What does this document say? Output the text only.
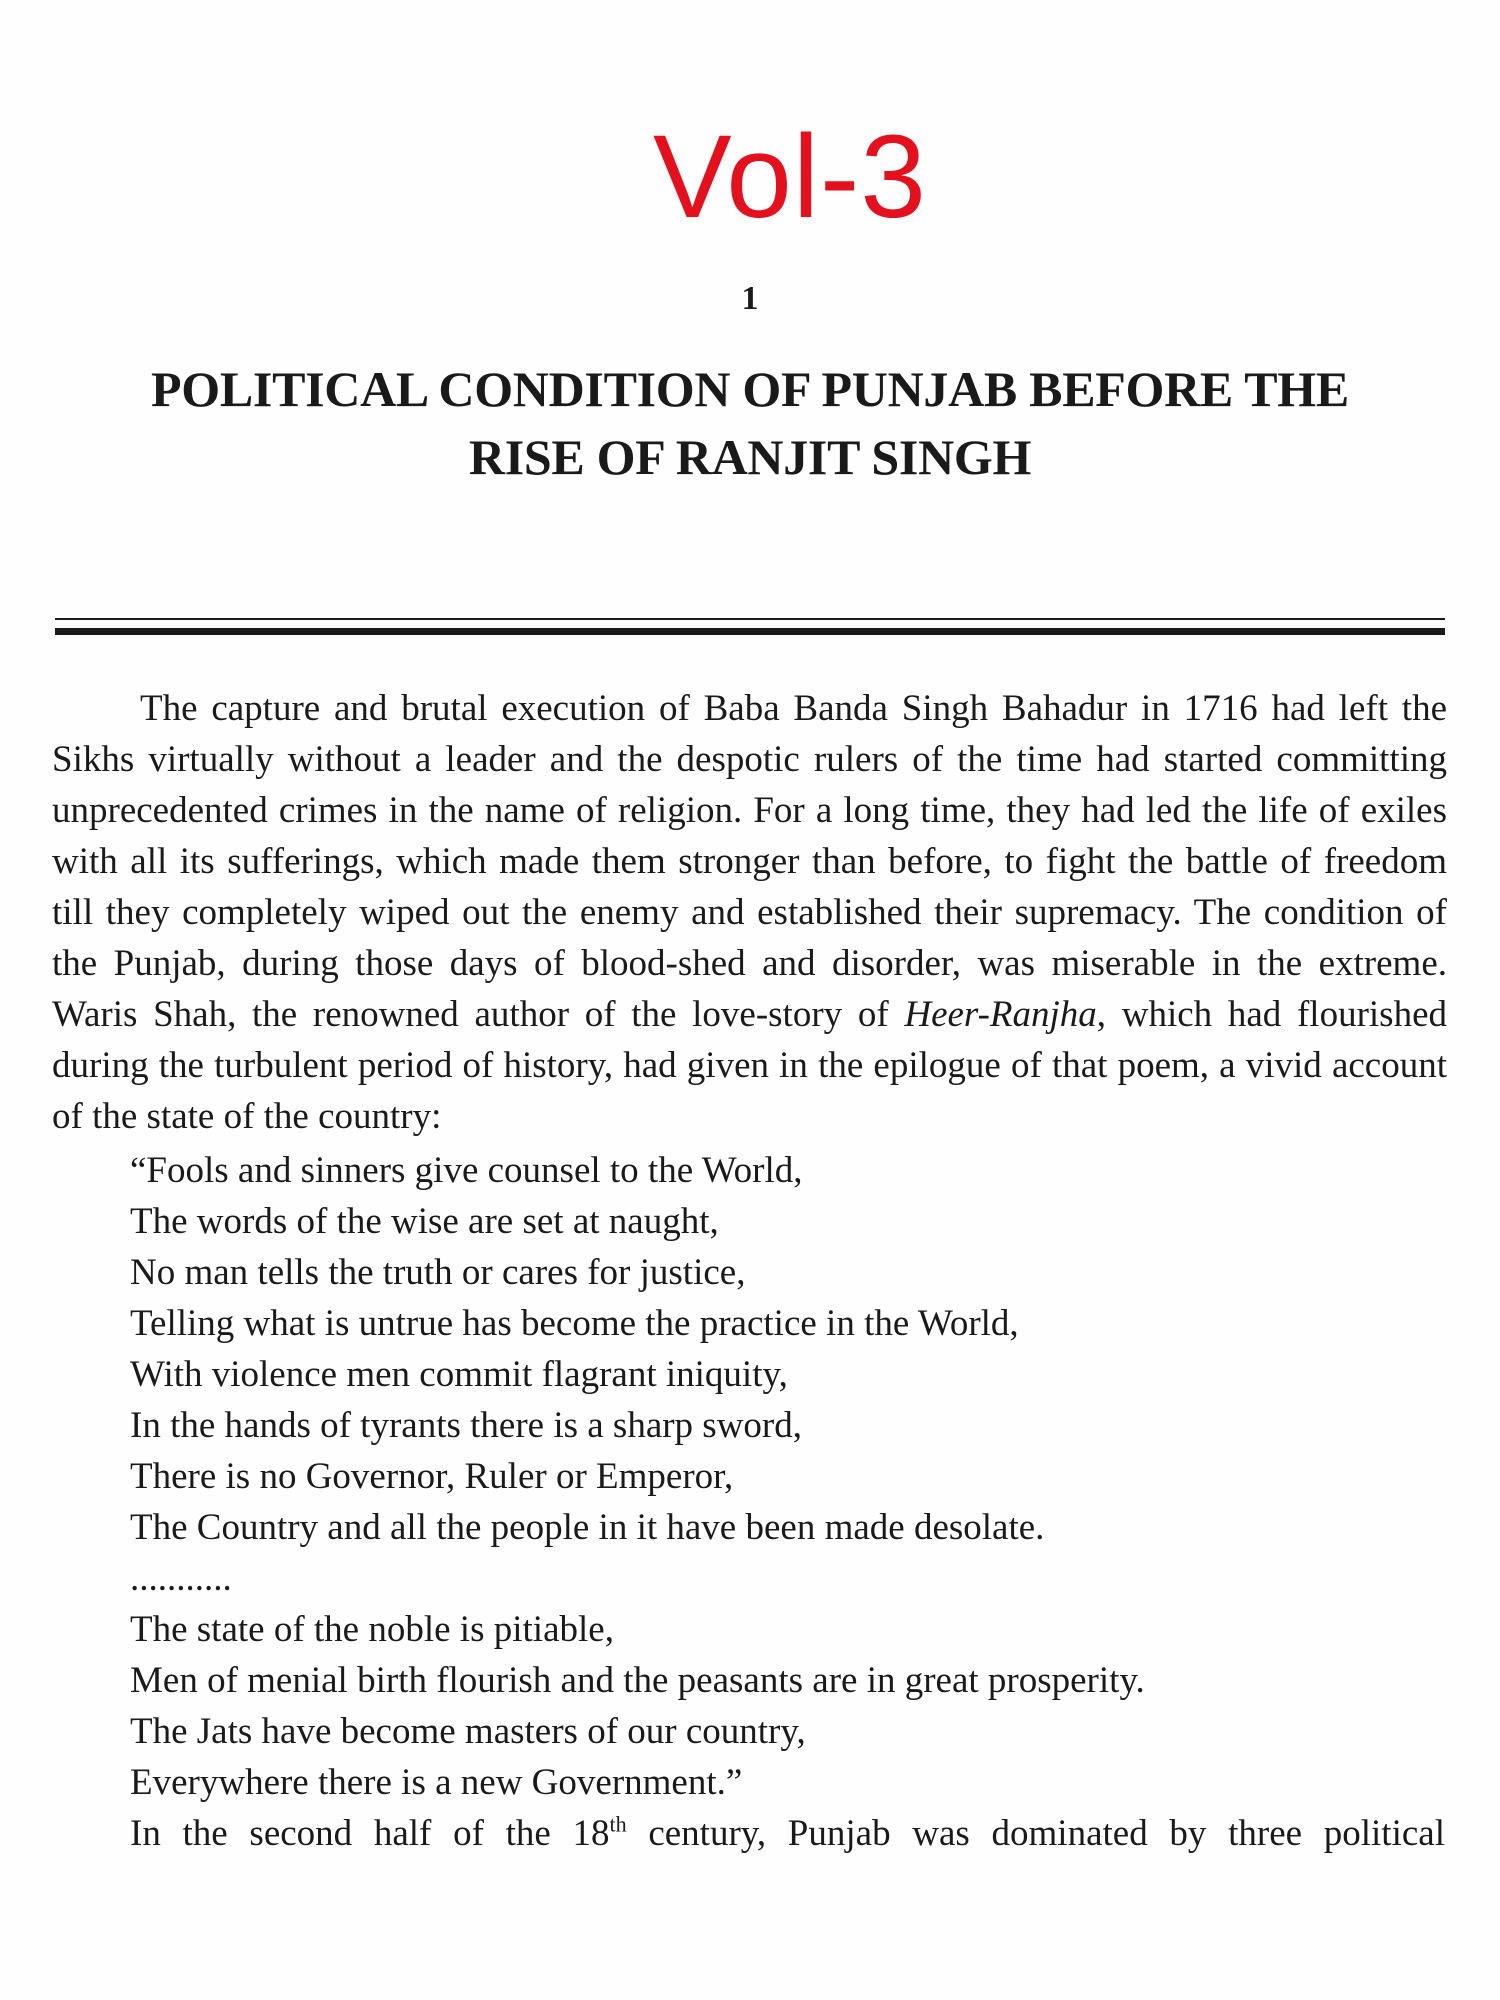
Vol-3
1
POLITICAL CONDITION OF PUNJAB BEFORE THE
RISE OF RANJIT SINGH

The capture and brutal execution of Baba Banda Singh Bahadur in 1716 had left the Sikhs virtually without a leader and the despotic rulers of the time had started committing unprecedented crimes in the name of religion. For a long time, they had led the life of exiles with all its sufferings, which made them stronger than before, to fight the battle of freedom till they completely wiped out the enemy and established their supremacy. The condition of the Punjab, during those days of blood-shed and disorder, was miserable in the extreme. Waris Shah, the renowned author of the love-story of Heer-Ranjha, which had flourished during the turbulent period of history, had given in the epilogue of that poem, a vivid account of the state of the country:

“Fools and sinners give counsel to the World,
The words of the wise are set at naught,
No man tells the truth or cares for justice,
Telling what is untrue has become the practice in the World,
With violence men commit flagrant iniquity,
In the hands of tyrants there is a sharp sword,
There is no Governor, Ruler or Emperor,
The Country and all the people in it have been made desolate.
...........
The state of the noble is pitiable,
Men of menial birth flourish and the peasants are in great prosperity.
The Jats have become masters of our country,
Everywhere there is a new Government.”

In the second half of the 18th century, Punjab was dominated by three political
